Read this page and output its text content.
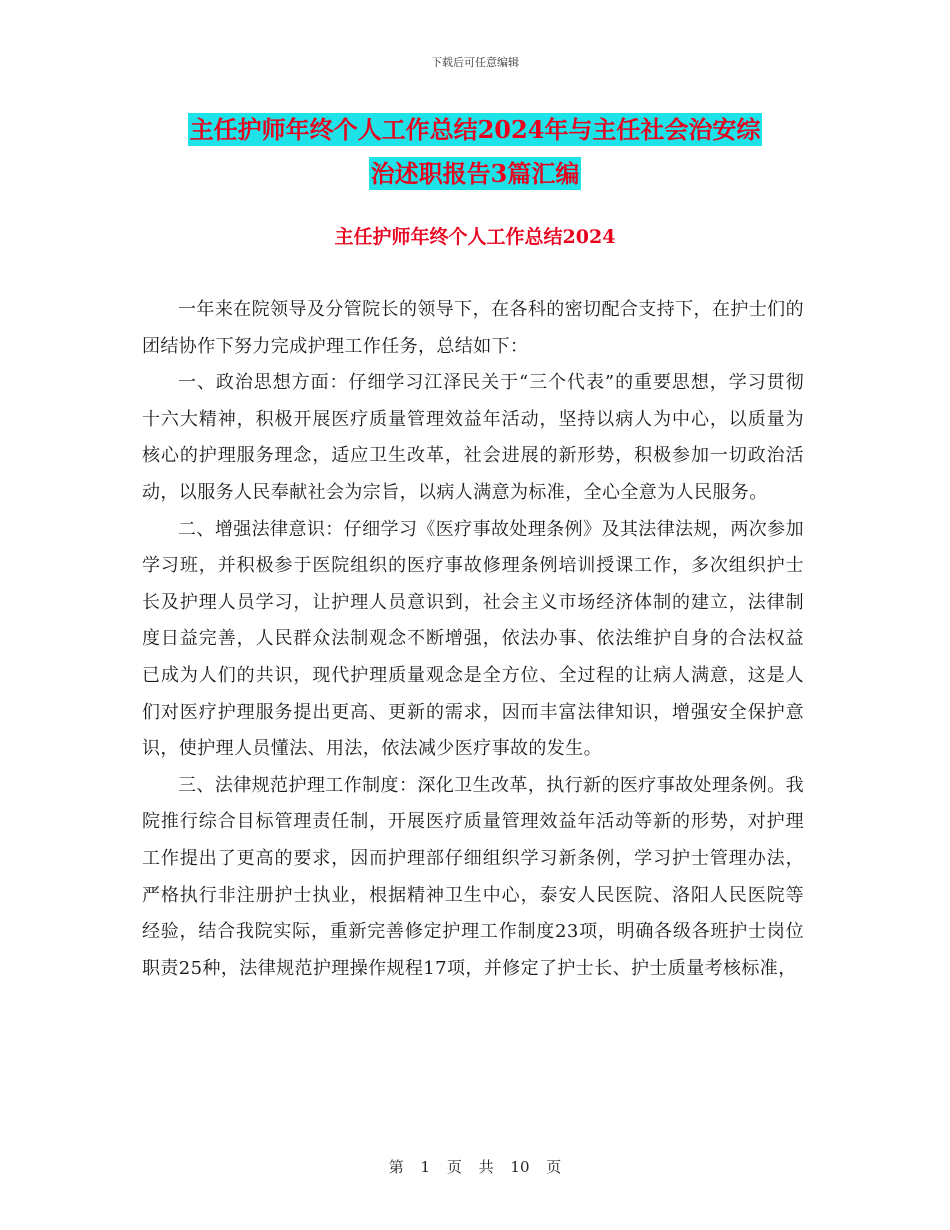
下载后可任意编辑
主任护师年终个人工作总结2024年与主任社会治安综
治述职报告3篇汇编
主任护师年终个人工作总结2024

一年来在院领导及分管院长的领导下，在各科的密切配合支持下，在护士们的团结协作下努力完成护理工作任务，总结如下：

一、政治思想方面：仔细学习江泽民关于“三个代表”的重要思想，学习贯彻十六大精神，积极开展医疗质量管理效益年活动，坚持以病人为中心，以质量为核心的护理服务理念，适应卫生改革，社会进展的新形势，积极参加一切政治活动，以服务人民奉献社会为宗旨，以病人满意为标准，全心全意为人民服务。

二、增强法律意识：仔细学习《医疗事故处理条例》及其法律法规，两次参加学习班，并积极参于医院组织的医疗事故修理条例培训授课工作，多次组织护士长及护理人员学习，让护理人员意识到，社会主义市场经济体制的建立，法律制度日益完善，人民群众法制观念不断增强，依法办事、依法维护自身的合法权益已成为人们的共识，现代护理质量观念是全方位、全过程的让病人满意，这是人们对医疗护理服务提出更高、更新的需求，因而丰富法律知识，增强安全保护意识，使护理人员懂法、用法，依法减少医疗事故的发生。

三、法律规范护理工作制度：深化卫生改革，执行新的医疗事故处理条例。我院推行综合目标管理责任制，开展医疗质量管理效益年活动等新的形势，对护理工作提出了更高的要求，因而护理部仔细组织学习新条例，学习护士管理办法，严格执行非注册护士执业，根据精神卫生中心，泰安人民医院、洛阳人民医院等经验，结合我院实际，重新完善修定护理工作制度23项，明确各级各班护士岗位职责25种，法律规范护理操作规程17项，并修定了护士长、护士质量考核标准，

第 1 页 共 10 页
